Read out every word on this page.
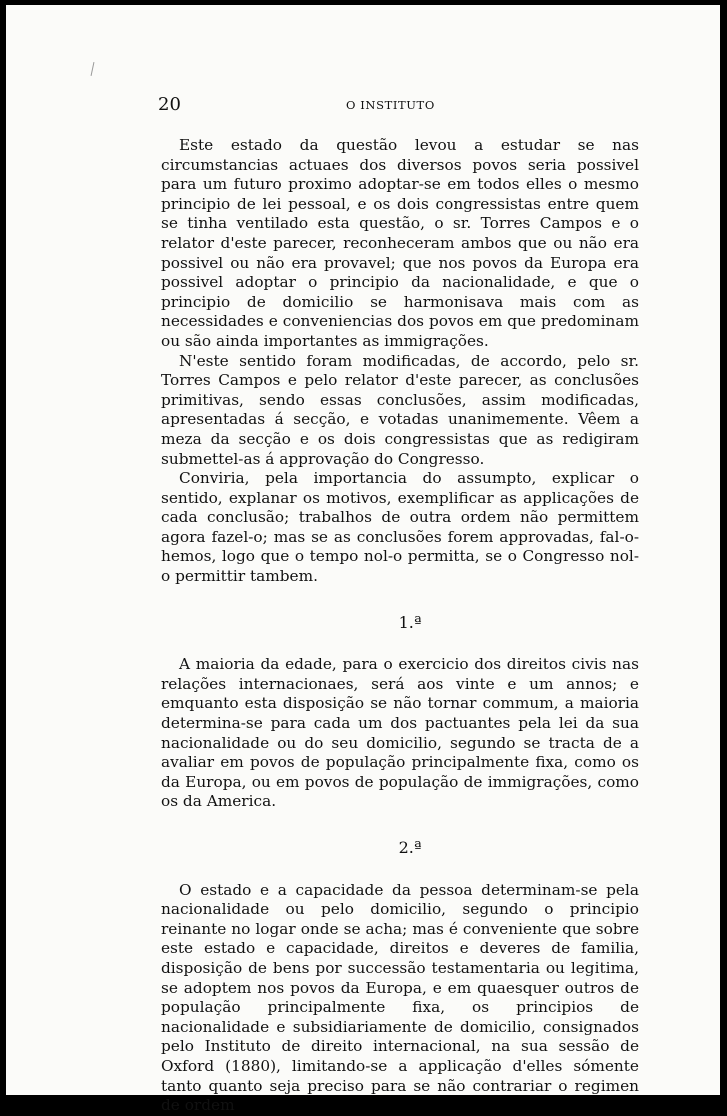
20	O INSTITUTO

Este estado da questão levou a estudar se nas circumstancias actuaes dos diversos povos seria possivel para um futuro proximo adoptar-se em todos elles o mesmo principio de lei pessoal, e os dois congressistas entre quem se tinha ventilado esta questão, o sr. Torres Campos e o relator d'este parecer, reconheceram ambos que ou não era possivel ou não era provavel; que nos povos da Europa era possivel adoptar o principio da nacionalidade, e que o principio de domicilio se harmonisava mais com as necessidades e conveniencias dos povos em que predominam ou são ainda importantes as immigrações.

N'este sentido foram modificadas, de accordo, pelo sr. Torres Campos e pelo relator d'este parecer, as conclusões primitivas, sendo essas conclusões, assim modificadas, apresentadas á secção, e votadas unanimemente. Vêem a meza da secção e os dois congressistas que as redigiram submettel-as á approvação do Congresso.

Conviria, pela importancia do assumpto, explicar o sentido, explanar os motivos, exemplificar as applicações de cada conclusão; trabalhos de outra ordem não permittem agora fazel-o; mas se as conclusões forem approvadas, fal-o-hemos, logo que o tempo nol-o permitta, se o Congresso nol-o permittir tambem.

1.ª

A maioria da edade, para o exercicio dos direitos civis nas relações internacionaes, será aos vinte e um annos; e emquanto esta disposição se não tornar commum, a maioria determina-se para cada um dos pactuantes pela lei da sua nacionalidade ou do seu domicilio, segundo se tracta de a avaliar em povos de população principalmente fixa, como os da Europa, ou em povos de população de immigrações, como os da America.

2.ª

O estado e a capacidade da pessoa determinam-se pela nacionalidade ou pelo domicilio, segundo o principio reinante no logar onde se acha; mas é conveniente que sobre este estado e capacidade, direitos e deveres de familia, disposição de bens por successão testamentaria ou legitima, se adoptem nos povos da Europa, e em quaesquer outros de população principalmente fixa, os principios de nacionalidade e subsidiariamente de domicilio, consignados pelo Instituto de direito internacional, na sua sessão de Oxford (1880), limitando-se a applicação d'elles sómente tanto quanto seja preciso para se não contrariar o regimen de ordem
